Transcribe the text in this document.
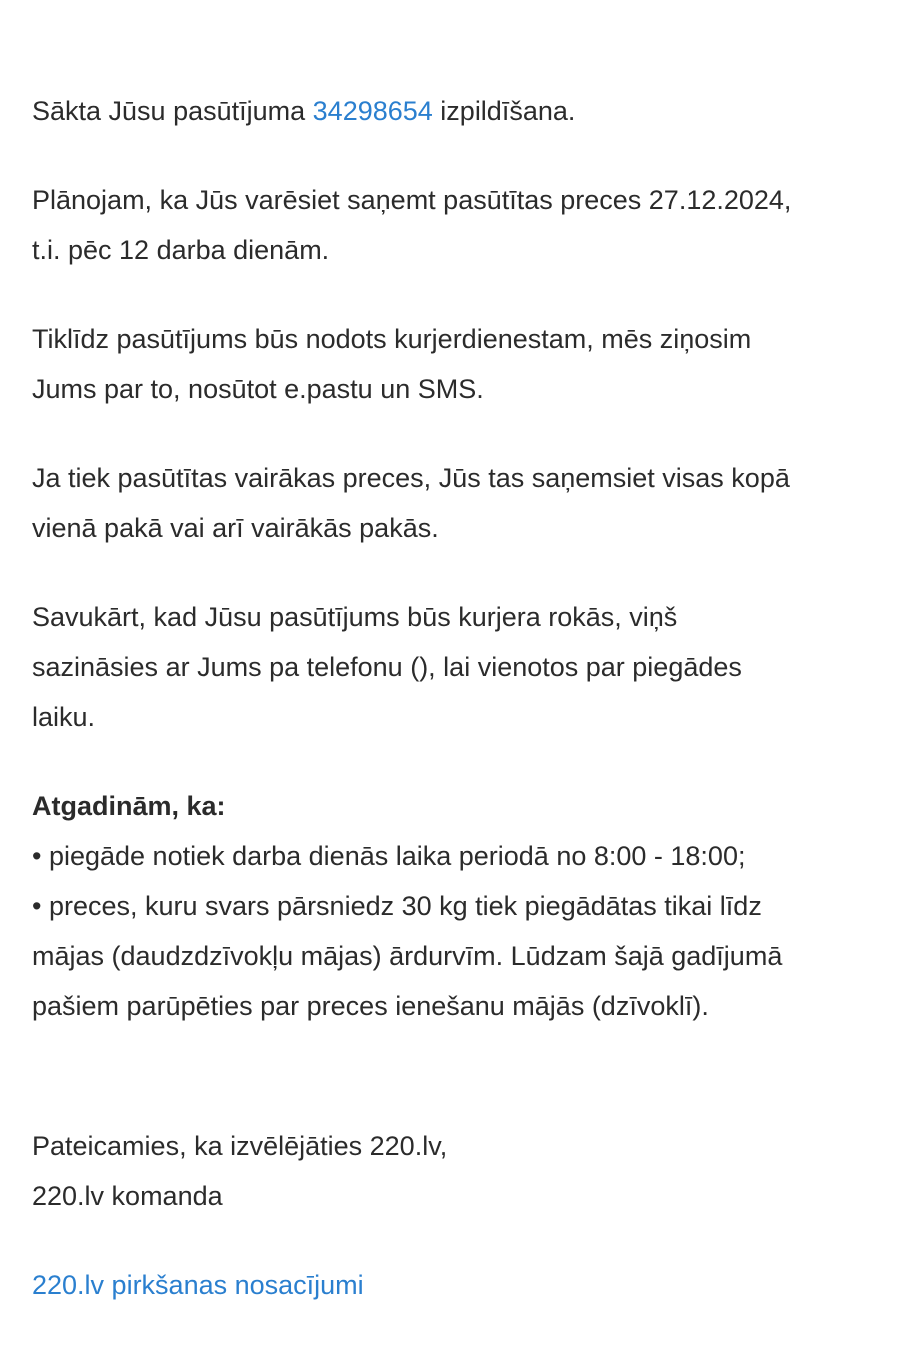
Sākta Jūsu pasūtījuma 34298654 izpildīšana.

Plānojam, ka Jūs varēsiet saņemt pasūtītas preces 27.12.2024,
t.i. pēc 12 darba dienām.

Tiklīdz pasūtījums būs nodots kurjerdienestam, mēs ziņosim
Jums par to, nosūtot e.pastu un SMS.

Ja tiek pasūtītas vairākas preces, Jūs tas saņemsiet visas kopā
vienā pakā vai arī vairākās pakās.

Savukārt, kad Jūsu pasūtījums būs kurjera rokās, viņš
sazināsies ar Jums pa telefonu (), lai vienotos par piegādes
laiku.

Atgadinām, ka:

• piegāde notiek darba dienās laika periodā no 8:00 - 18:00;

• preces, kuru svars pārsniedz 30 kg tiek piegādātas tikai līdz
mājas (daudzdzīvokļu mājas) ārdurvīm. Lūdzam šajā gadījumā
pašiem parūpēties par preces ienešanu mājās (dzīvoklī).

Pateicamies, ka izvēlējāties 220.lv,

220.lv komanda

220.lv pirkšanas nosacījumi
